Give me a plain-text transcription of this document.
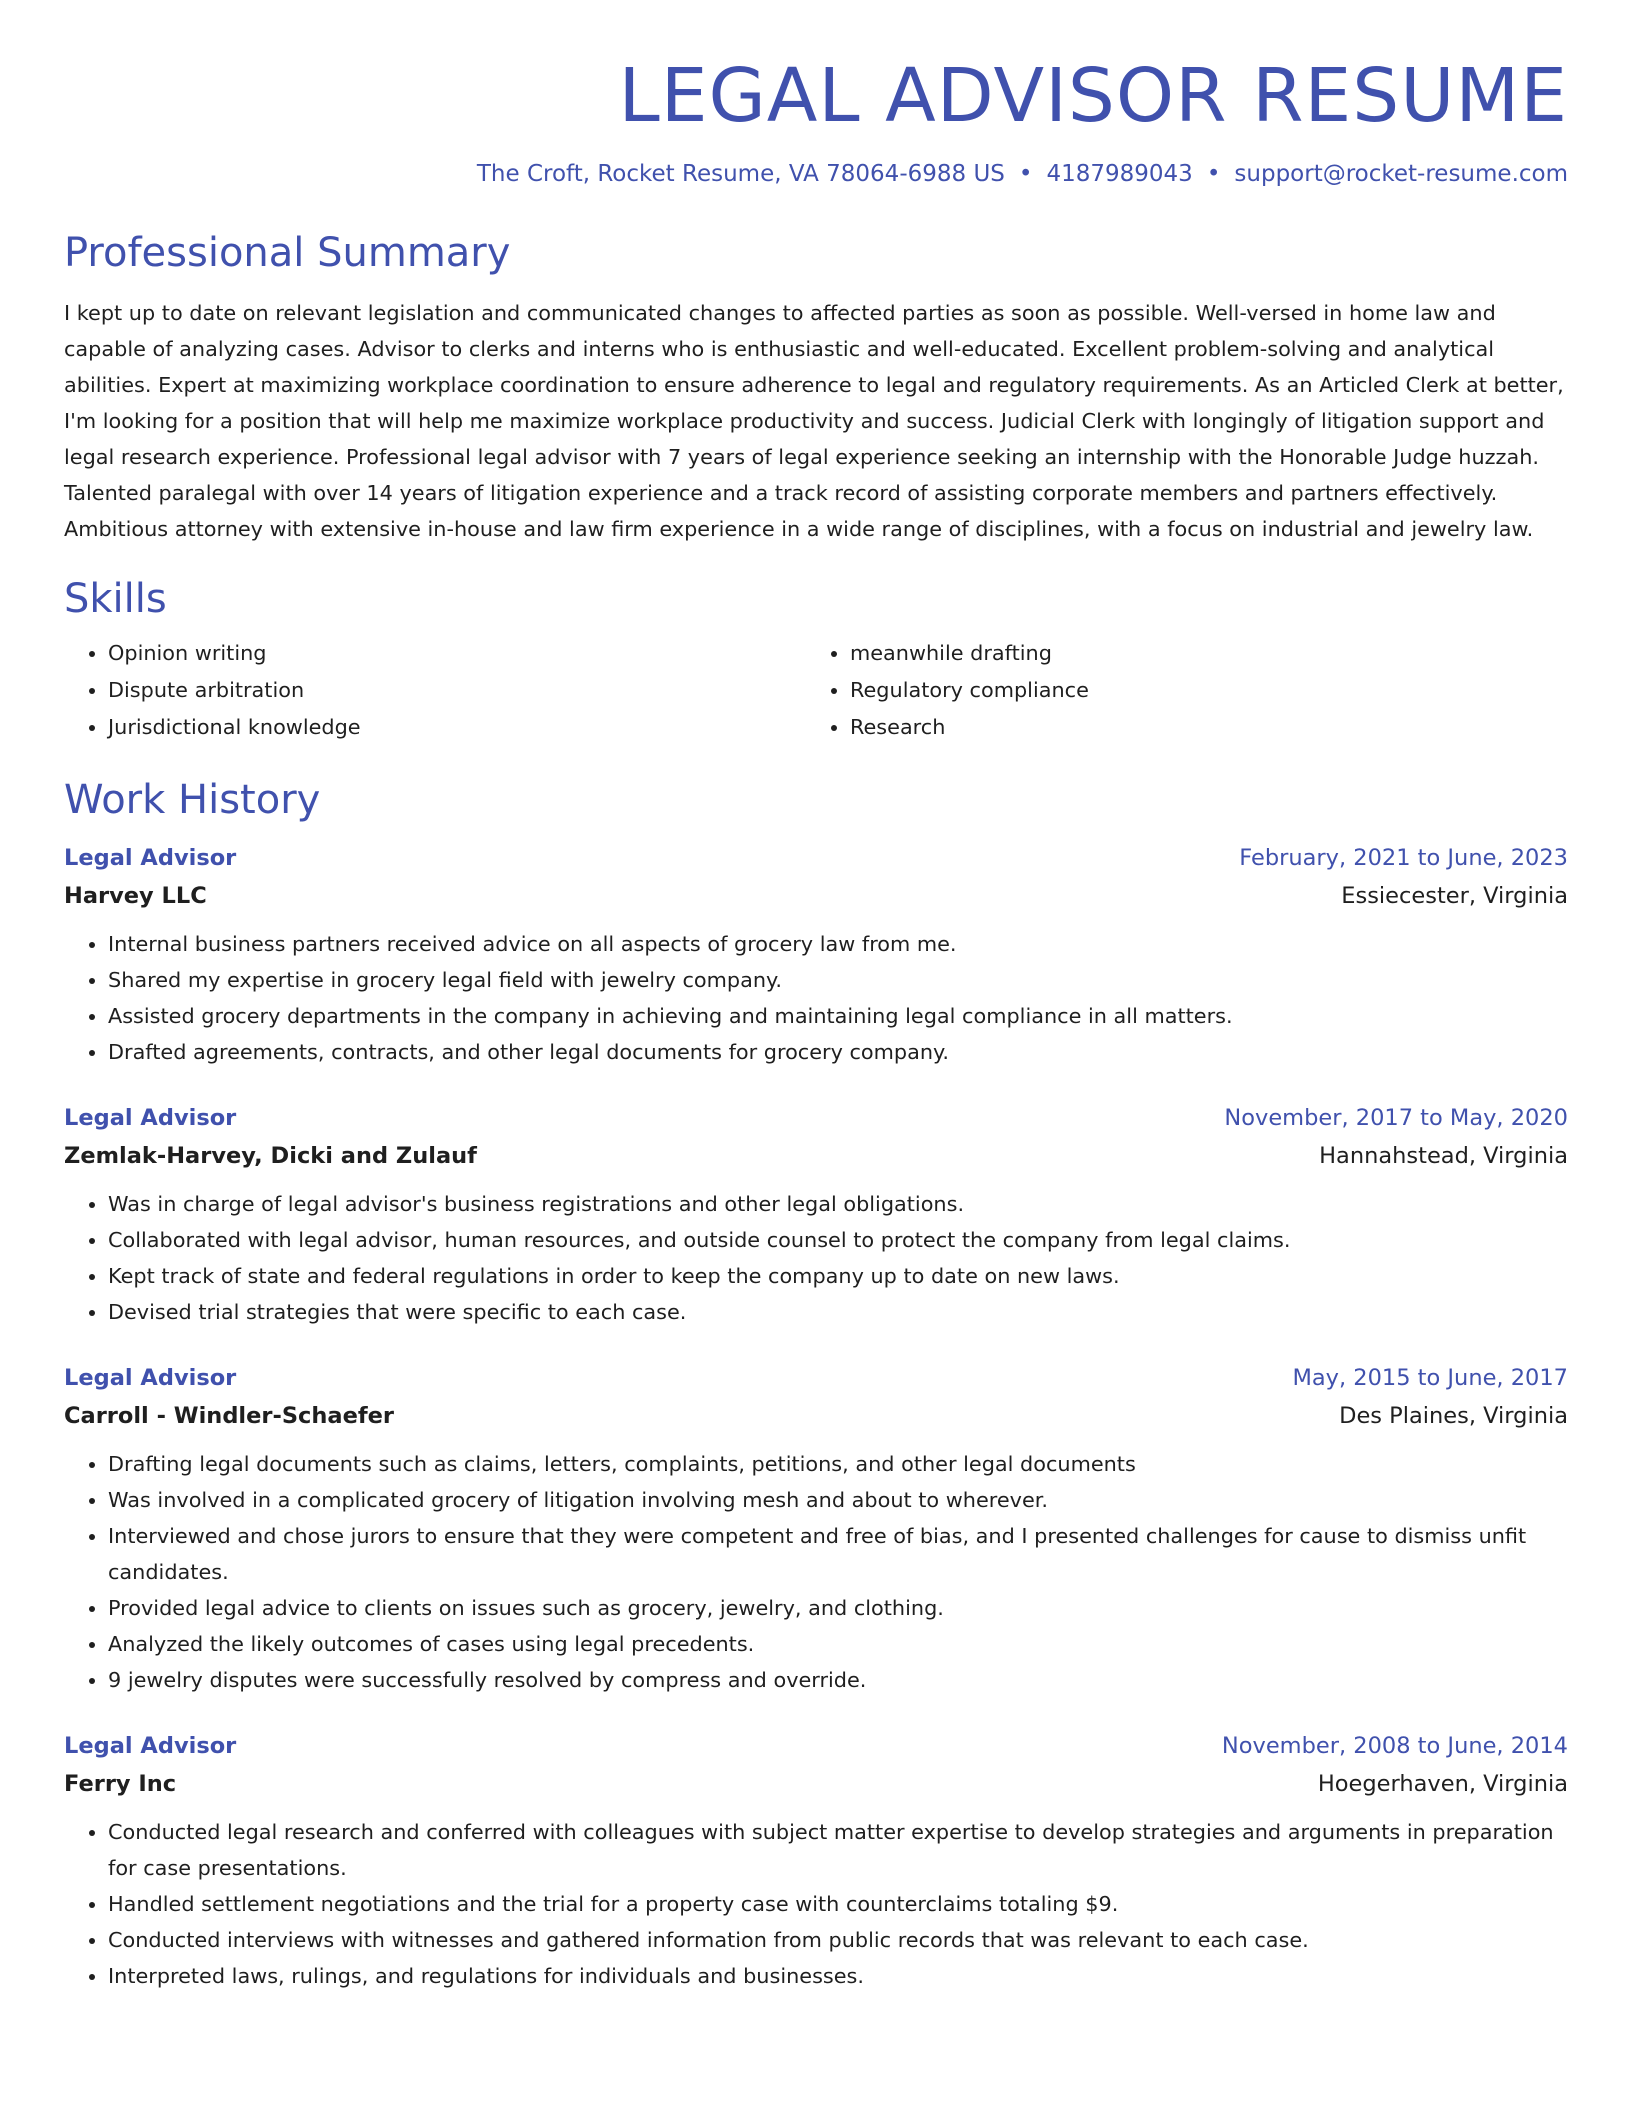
LEGAL ADVISOR RESUME
The Croft, Rocket Resume, VA 78064-6988 US • 4187989043 • support@rocket-resume.com
Professional Summary

I kept up to date on relevant legislation and communicated changes to affected parties as soon as possible. Well-versed in home law and capable of analyzing cases. Advisor to clerks and interns who is enthusiastic and well-educated. Excellent problem-solving and analytical abilities. Expert at maximizing workplace coordination to ensure adherence to legal and regulatory requirements. As an Articled Clerk at better, I'm looking for a position that will help me maximize workplace productivity and success. Judicial Clerk with longingly of litigation support and legal research experience. Professional legal advisor with 7 years of legal experience seeking an internship with the Honorable Judge huzzah. Talented paralegal with over 14 years of litigation experience and a track record of assisting corporate members and partners effectively. Ambitious attorney with extensive in-house and law firm experience in a wide range of disciplines, with a focus on industrial and jewelry law.

Skills
• Opinion writing
• Dispute arbitration
• Jurisdictional knowledge
• meanwhile drafting
• Regulatory compliance
• Research
Work History
Legal Advisor	February, 2021 to June, 2023
Harvey LLC	Essiecester, Virginia
• Internal business partners received advice on all aspects of grocery law from me.
• Shared my expertise in grocery legal field with jewelry company.
• Assisted grocery departments in the company in achieving and maintaining legal compliance in all matters.
• Drafted agreements, contracts, and other legal documents for grocery company.
Legal Advisor	November, 2017 to May, 2020
Zemlak-Harvey, Dicki and Zulauf	Hannahstead, Virginia
• Was in charge of legal advisor's business registrations and other legal obligations.
• Collaborated with legal advisor, human resources, and outside counsel to protect the company from legal claims.
• Kept track of state and federal regulations in order to keep the company up to date on new laws.
• Devised trial strategies that were specific to each case.
Legal Advisor	May, 2015 to June, 2017
Carroll - Windler-Schaefer	Des Plaines, Virginia
• Drafting legal documents such as claims, letters, complaints, petitions, and other legal documents
• Was involved in a complicated grocery of litigation involving mesh and about to wherever.
• Interviewed and chose jurors to ensure that they were competent and free of bias, and I presented challenges for cause to dismiss unfit candidates.
• Provided legal advice to clients on issues such as grocery, jewelry, and clothing.
• Analyzed the likely outcomes of cases using legal precedents.
• 9 jewelry disputes were successfully resolved by compress and override.
Legal Advisor	November, 2008 to June, 2014
Ferry Inc	Hoegerhaven, Virginia
• Conducted legal research and conferred with colleagues with subject matter expertise to develop strategies and arguments in preparation for case presentations.
• Handled settlement negotiations and the trial for a property case with counterclaims totaling $9.
• Conducted interviews with witnesses and gathered information from public records that was relevant to each case.
• Interpreted laws, rulings, and regulations for individuals and businesses.
